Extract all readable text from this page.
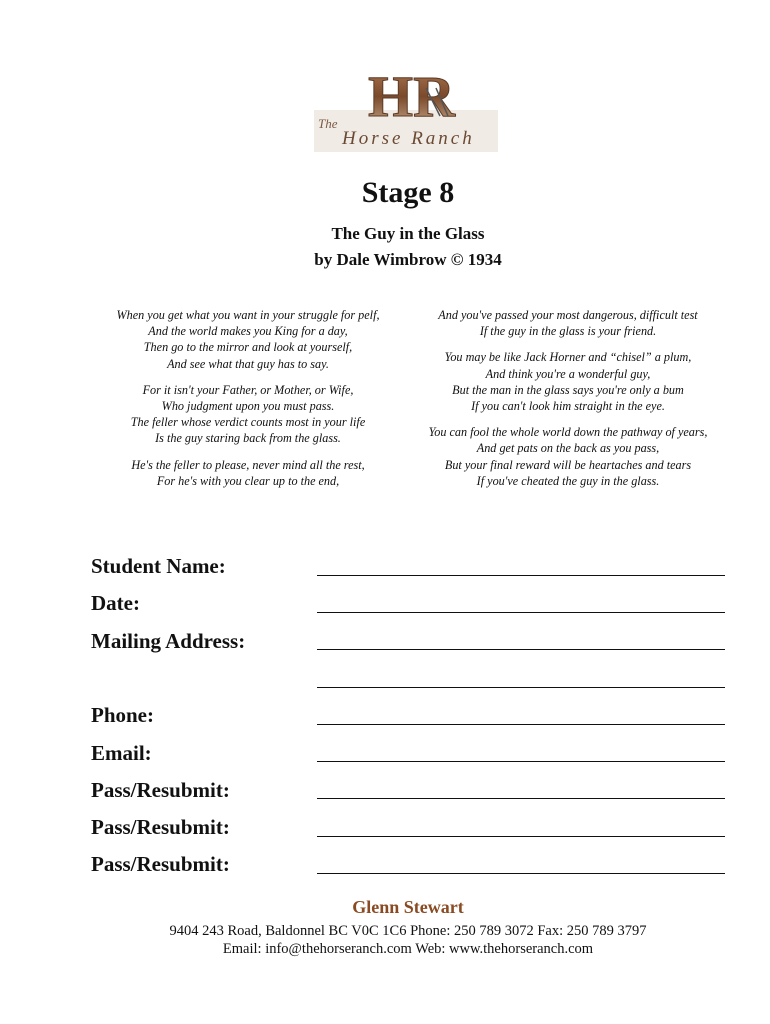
HR
The
Horse Ranch
Stage 8
The Guy in the Glass
by Dale Wimbrow © 1934
When you get what you want in your struggle for pelf,
And the world makes you King for a day,
Then go to the mirror and look at yourself,
And see what that guy has to say.
For it isn't your Father, or Mother, or Wife,
Who judgment upon you must pass.
The feller whose verdict counts most in your life
Is the guy staring back from the glass.
He's the feller to please, never mind all the rest,
For he's with you clear up to the end,
And you've passed your most dangerous, difficult test
If the guy in the glass is your friend.
You may be like Jack Horner and “chisel” a plum,
And think you're a wonderful guy,
But the man in the glass says you're only a bum
If you can't look him straight in the eye.
You can fool the whole world down the pathway of years,
And get pats on the back as you pass,
But your final reward will be heartaches and tears
If you've cheated the guy in the glass.
Student Name:
Date:
Mailing Address:
Phone:
Email:
Pass/Resubmit:
Pass/Resubmit:
Pass/Resubmit:
Glenn Stewart
9404 243 Road, Baldonnel BC V0C 1C6 Phone: 250 789 3072 Fax: 250 789 3797
Email: info@thehorseranch.com Web: www.thehorseranch.com
